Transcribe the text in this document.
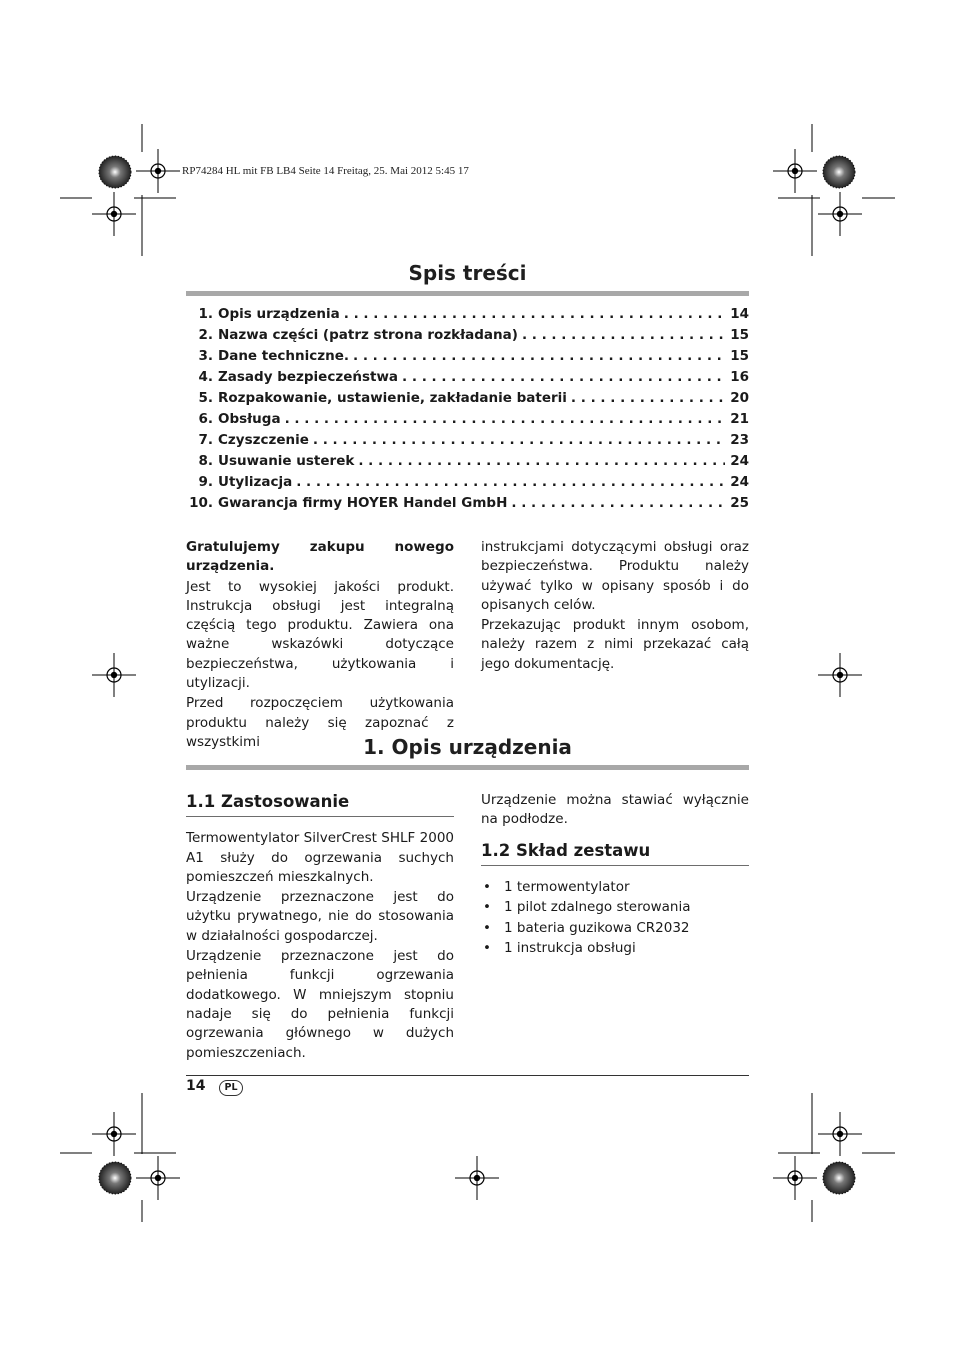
RP74284 HL mit FB LB4 Seite 14 Freitag, 25. Mai 2012 5:45 17
Spis treści
1. Opis urządzenia . . .	14
2. Nazwa części (patrz strona rozkładana) . . .	15
3. Dane techniczne. . . .	15
4. Zasady bezpieczeństwa . . .	16
5. Rozpakowanie, ustawienie, zakładanie baterii . . .	20
6. Obsługa . . .	21
7. Czyszczenie . . .	23
8. Usuwanie usterek . . .	24
9. Utylizacja . . .	24
10. Gwarancja firmy HOYER Handel GmbH . . .	25

Gratulujemy zakupu nowego urządzenia.

Jest to wysokiej jakości produkt. Instrukcja obsługi jest integralną częścią tego produktu. Zawiera ona ważne wskazówki dotyczące bezpieczeństwa, użytkowania i utylizacji.

Przed rozpoczęciem użytkowania produktu należy się zapoznać z wszystkimi

instrukcjami dotyczącymi obsługi oraz bezpieczeństwa. Produktu należy używać tylko w opisany sposób i do opisanych celów.

Przekazując produkt innym osobom, należy razem z nimi przekazać całą jego dokumentację.

1. Opis urządzenia
1.1 Zastosowanie

Termowentylator SilverCrest SHLF 2000 A1 służy do ogrzewania suchych pomieszczeń mieszkalnych.

Urządzenie przeznaczone jest do użytku prywatnego, nie do stosowania w działalności gospodarczej.

Urządzenie przeznaczone jest do pełnienia funkcji ogrzewania dodatkowego. W mniejszym stopniu nadaje się do pełnienia funkcji ogrzewania głównego w dużych pomieszczeniach.

Urządzenie można stawiać wyłącznie na podłodze.

1.2 Skład zestawu
• 1 termowentylator
• 1 pilot zdalnego sterowania
• 1 bateria guzikowa CR2032
• 1 instrukcja obsługi
14	PL
